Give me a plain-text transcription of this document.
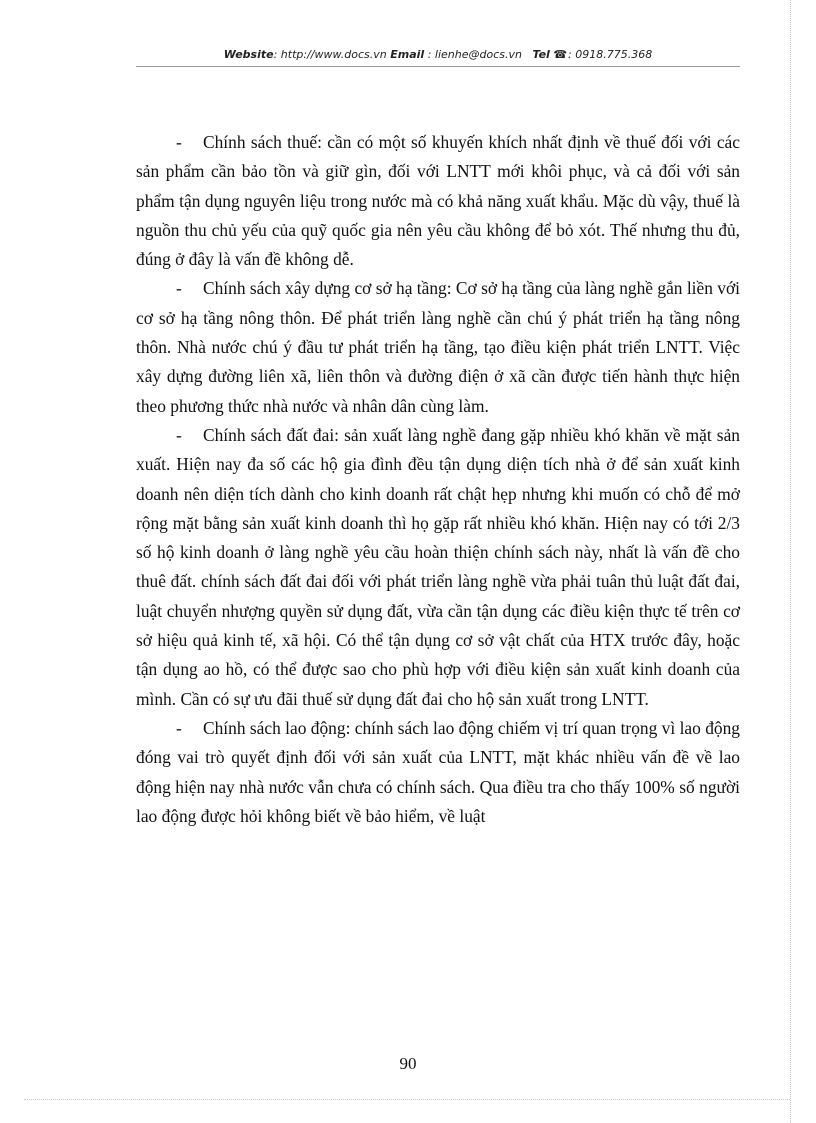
Website: http://www.docs.vn Email : lienhe@docs.vn Tel ☎: 0918.775.368

- Chính sách thuế: cần có một số khuyến khích nhất định về thuế đối với các sản phẩm cần bảo tồn và giữ gìn, đối với LNTT mới khôi phục, và cả đối với sản phẩm tận dụng nguyên liệu trong nước mà có khả năng xuất khẩu. Mặc dù vậy, thuế là nguồn thu chủ yếu của quỹ quốc gia nên yêu cầu không để bỏ xót. Thế nhưng thu đủ, đúng ở đây là vấn đề không dễ.

- Chính sách xây dựng cơ sở hạ tầng: Cơ sở hạ tầng của làng nghề gắn liền với cơ sở hạ tầng nông thôn. Để phát triển làng nghề cần chú ý phát triển hạ tầng nông thôn. Nhà nước chú ý đầu tư phát triển hạ tầng, tạo điều kiện phát triển LNTT. Việc xây dựng đường liên xã, liên thôn và đường điện ở xã cần được tiến hành thực hiện theo phương thức nhà nước và nhân dân cùng làm.

- Chính sách đất đai: sản xuất làng nghề đang gặp nhiều khó khăn về mặt sản xuất. Hiện nay đa số các hộ gia đình đều tận dụng diện tích nhà ở để sản xuất kinh doanh nên diện tích dành cho kinh doanh rất chật hẹp nhưng khi muốn có chỗ để mở rộng mặt bằng sản xuất kinh doanh thì họ gặp rất nhiều khó khăn. Hiện nay có tới 2/3 số hộ kinh doanh ở làng nghề yêu cầu hoàn thiện chính sách này, nhất là vấn đề cho thuê đất. chính sách đất đai đối với phát triển làng nghề vừa phải tuân thủ luật đất đai, luật chuyển nhượng quyền sử dụng đất, vừa cần tận dụng các điều kiện thực tế trên cơ sở hiệu quả kinh tế, xã hội. Có thể tận dụng cơ sở vật chất của HTX trước đây, hoặc tận dụng ao hồ, có thể được sao cho phù hợp với điều kiện sản xuất kinh doanh của mình. Cần có sự ưu đãi thuế sử dụng đất đai cho hộ sản xuất trong LNTT.

- Chính sách lao động: chính sách lao động chiếm vị trí quan trọng vì lao động đóng vai trò quyết định đối với sản xuất của LNTT, mặt khác nhiều vấn đề về lao động hiện nay nhà nước vẫn chưa có chính sách. Qua điều tra cho thấy 100% số người lao động được hỏi không biết về bảo hiểm, về luật

90
